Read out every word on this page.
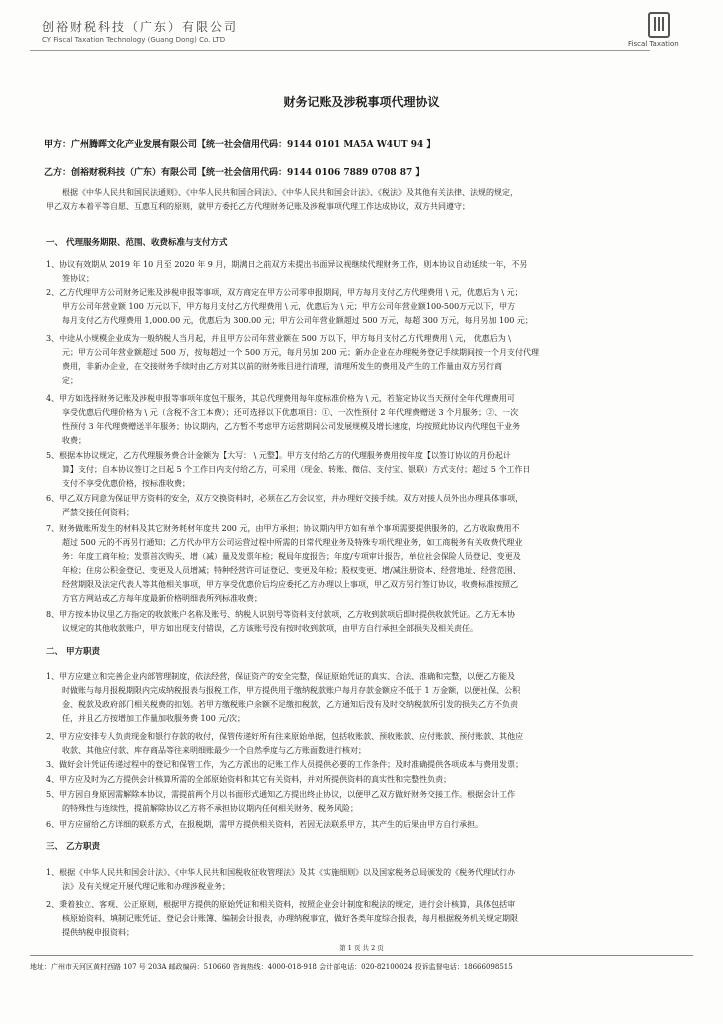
创裕财税科技（广东）有限公司
CY Fiscal Taxation Technology (Guang Dong) Co. LTD	Fiscal Taxation
财务记账及涉税事项代理协议
甲方：广州腾晖文化产业发展有限公司【统一社会信用代码：9144 0101 MA5A W4UT 94 】
乙方：创裕财税科技（广东）有限公司【统一社会信用代码：9144 0106 7889 0708 87 】
根据《中华人民共和国民法通则》、《中华人民共和国合同法》、《中华人民共和国会计法》、《税法》及其他有关法律、法规的规定，
甲乙双方本着平等自愿、互惠互利的原则，就甲方委托乙方代理财务记账及涉税事项代理工作达成协议，双方共同遵守；
1、协议有效期从 2019 年 10 月至 2020 年 9 月，期满日之前双方未提出书面异议视继续代理财务工作，则本协议自动延续一年，不另
签协议；
2、乙方代理甲方公司财务记账及涉税申报等事项，双方商定在甲方公司零申报期间，甲方每月支付乙方代理费用 \ 元，优惠后为 \ 元；
甲方公司年营业额 100 万元以下，甲方每月支付乙方代理费用 \ 元，优惠后为 \ 元；甲方公司年营业额100-500万元以下，甲方
每月支付乙方代理费用 1,000.00 元，优惠后为 300.00 元；甲方公司年营业额超过 500 万元，每超 300 万元，每月另加 100 元；
3、中途从小规模企业成为一般纳税人当月起，并且甲方公司年营业额在 500 万以下，甲方每月支付乙方代理费用 \ 元， 优惠后为 \
元；甲方公司年营业额超过 500 万，按每超过一个 500 万元，每月另加 200 元；新办企业在办理税务登记手续期间按一个月支付代理
费用，非新办企业，在交接财务手续时由乙方对其以前的财务账目进行清理，清理所发生的费用及产生的工作量由双方另行商
定；
4、甲方如选择财务记账及涉税申报等事项年度包干服务，其总代理费用每年度标准价格为 \ 元，若鉴定协议当天预付全年代理费用可
享受优惠后代理价格为 \ 元（含税不含工本费）；还可选择以下优惠项目：①、一次性预付 2 年代理费赠送 3 个月服务；②、一次
性预付 3 年代理费赠送半年服务；协议期内，乙方暂不考虑甲方运营期间公司发展规模及增长速度，均按照此协议内代理包干业务
收费；
5、根据本协议规定，乙方代理服务费合计金额为【大写： \ 元整】。甲方支付给乙方的代理服务费用按年度【以签订协议的月份起计
算】支付；自本协议签订之日起 5 个工作日内支付给乙方，可采用（现金、转账、微信、支付宝、银联）方式支付；超过 5 个工作日
支付不享受优惠价格，按标准收费；
6、甲乙双方同意为保证甲方资料的安全，双方交换资料时，必须在乙方会议室，并办理好交接手续。双方对接人员外出办理具体事项，
严禁交接任何资料；
7、财务做账所发生的材料及其它财务耗材年度共 200 元，由甲方承担；协议期内甲方如有单个事项需要提供服务的，乙方收取费用不
超过 500 元的不再另行通知；乙方代办甲方公司运营过程中所需的日常代理业务及特殊专项代理业务，如工商税务有关收费代理业
务：年度工商年检；发票首次购买、增（减）量及发票年检；税局年度报告；年度/专项审计报告，单位社会保险人员登记、变更及
年检；住房公积金登记、变更及人员增减；特种经营许可证登记、变更及年检；股权变更、增/减注册资本、经营地址、经营范围、
经营期限及法定代表人等其他相关事项，甲方享受优惠价后均应委托乙方办理以上事项，甲乙双方另行签订协议，收费标准按照乙
方官方网站或乙方每年度最新价格明细表所列标准收费；
8、甲方按本协议里乙方指定的收款账户名称及账号、纳税人识别号等资料支付款项，乙方收到款项后即时提供收款凭证。乙方无本协
议规定的其他收款账户，甲方如出现支付错误，乙方该账号没有按时收到款项，由甲方自行承担全部损失及相关责任。
1、甲方应建立和完善企业内部管理制度，依法经营，保证资产的安全完整，保证原始凭证的真实、合法、准确和完整，以便乙方能及
时做账与每月报税期限内完成纳税报表与报税工作，甲方提供用于缴纳税款账户每月存款金额应不低于 1 万金额，以便社保、公积
金、税款及政府部门相关税费的扣划。若甲方缴税账户余额不足缴扣税款，乙方通知后没有及时交纳税款所引发的损失乙方不负责
任，并且乙方按增加工作量加收服务费 100 元/次；
2、甲方应安排专人负责现金和银行存款的收付，保管传递好所有往来原始单据，包括收账款、预收账款、应付账款、预付账款、其他应
收款、其他应付款、库存商品等往来明细账最少一个自然季度与乙方账面数进行核对；
3、做好会计凭证传递过程中的登记和保管工作，为乙方派出的记账工作人员提供必要的工作条件；及时准确提供各项成本与费用发票；
4、甲方应及时为乙方提供会计核算所需的全部原始资料和其它有关资料，并对所提供资料的真实性和完整性负责；
5、甲方因自身原因需解除本协议，需提前两个月以书面形式通知乙方提出终止协议，以便甲乙双方做好财务交接工作。根据会计工作
的特殊性与连续性，提前解除协议乙方将不承担协议期内任何相关财务、税务风险；
6、甲方应留给乙方详细的联系方式，在报税期，需甲方提供相关资料，若因无法联系甲方，其产生的后果由甲方自行承担。
1、根据《中华人民共和国会计法》、《中华人民共和国税收征收管理法》及其《实施细则》以及国家税务总局颁发的《税务代理试行办
法》及有关规定开展代理记账和办理涉税业务；
2、秉着独立、客观、公正原则，根据甲方提供的原始凭证和相关资料，按照企业会计制度和税法的规定，进行会计核算，具体包括审
核原始资料、填制记账凭证、登记会计账簿、编制会计报表，办理纳税事宜，做好各类年度综合报表，每月根据税务机关规定期限
提供纳税申报资料；
一、 代理服务期限、范围、收费标准与支付方式
二、 甲方职责
三、 乙方职责
第 1 页 共 2 页
地址：广州市天河区黄村西路 107 号 203A 邮政编码：510660 咨询热线：4000-018-918 会计部电话：020-82100024 投诉监督电话：18666098515
